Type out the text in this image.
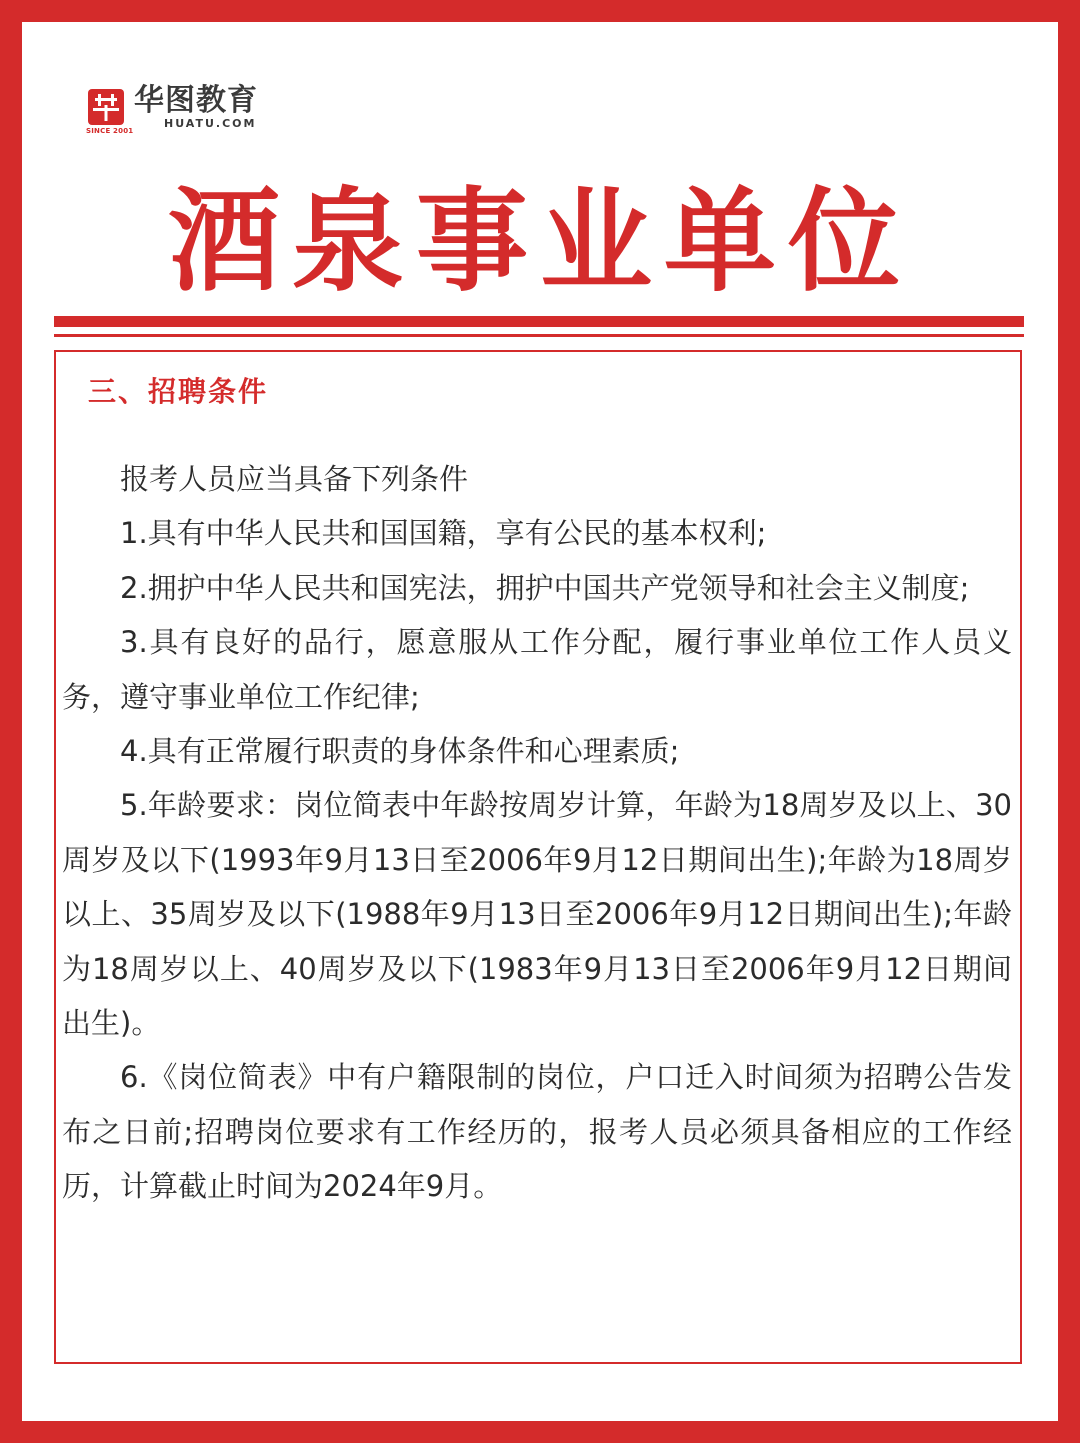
SINCE 2001
华图教育
HUATU.COM
酒泉事业单位
三、招聘条件

报考人员应当具备下列条件

1.具有中华人民共和国国籍，享有公民的基本权利;

2.拥护中华人民共和国宪法，拥护中国共产党领导和社会主义制度;

3.具有良好的品行，愿意服从工作分配，履行事业单位工作人员义务，遵守事业单位工作纪律;

4.具有正常履行职责的身体条件和心理素质;

5.年龄要求：岗位简表中年龄按周岁计算，年龄为18周岁及以上、30周岁及以下(1993年9月13日至2006年9月12日期间出生);年龄为18周岁以上、35周岁及以下(1988年9月13日至2006年9月12日期间出生);年龄为18周岁以上、40周岁及以下(1983年9月13日至2006年9月12日期间出生)。

6.《岗位简表》中有户籍限制的岗位，户口迁入时间须为招聘公告发布之日前;招聘岗位要求有工作经历的，报考人员必须具备相应的工作经历，计算截止时间为2024年9月。
